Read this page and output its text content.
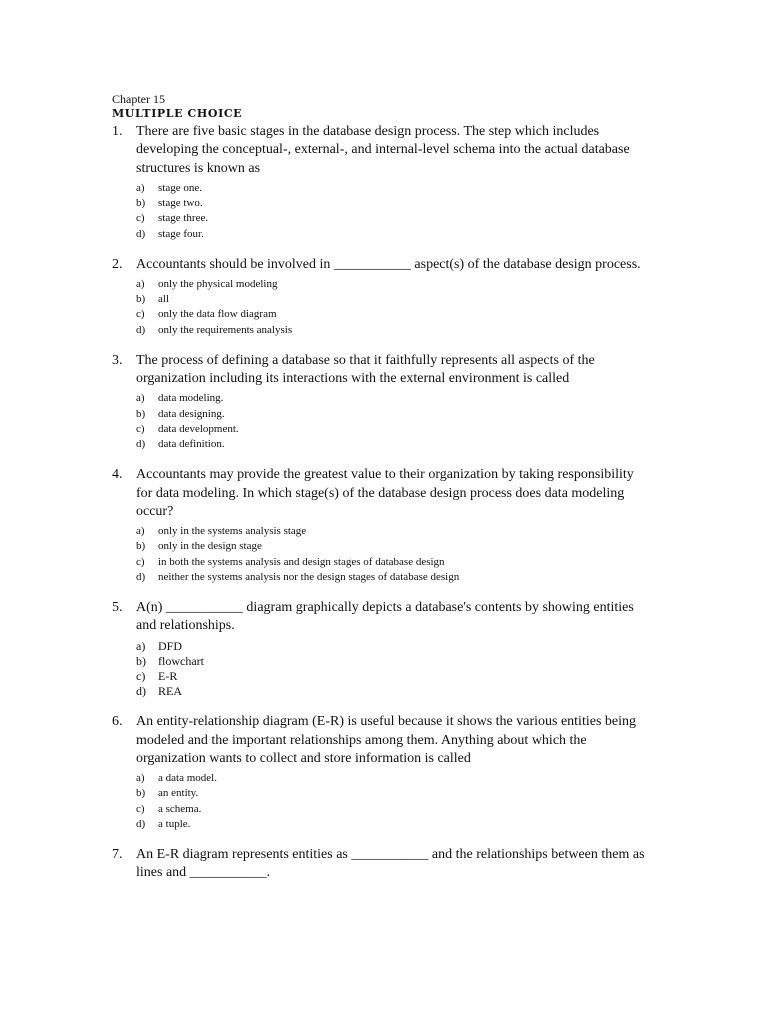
Chapter 15

MULTIPLE CHOICE

1. There are five basic stages in the database design process. The step which includes developing the conceptual-, external-, and internal-level schema into the actual database structures is known as

a) stage one.
b) stage two.
c) stage three.
d) stage four.

2. Accountants should be involved in ___________ aspect(s) of the database design process.

a) only the physical modeling
b) all
c) only the data flow diagram
d) only the requirements analysis

3. The process of defining a database so that it faithfully represents all aspects of the organization including its interactions with the external environment is called

a) data modeling.
b) data designing.
c) data development.
d) data definition.

4. Accountants may provide the greatest value to their organization by taking responsibility for data modeling. In which stage(s) of the database design process does data modeling occur?

a) only in the systems analysis stage
b) only in the design stage
c) in both the systems analysis and design stages of database design
d) neither the systems analysis nor the design stages of database design

5. A(n) ___________ diagram graphically depicts a database's contents by showing entities and relationships.

a) DFD
b) flowchart
c) E-R
d) REA

6. An entity-relationship diagram (E-R) is useful because it shows the various entities being modeled and the important relationships among them. Anything about which the organization wants to collect and store information is called

a) a data model.
b) an entity.
c) a schema.
d) a tuple.

7. An E-R diagram represents entities as ___________ and the relationships between them as lines and ___________.
